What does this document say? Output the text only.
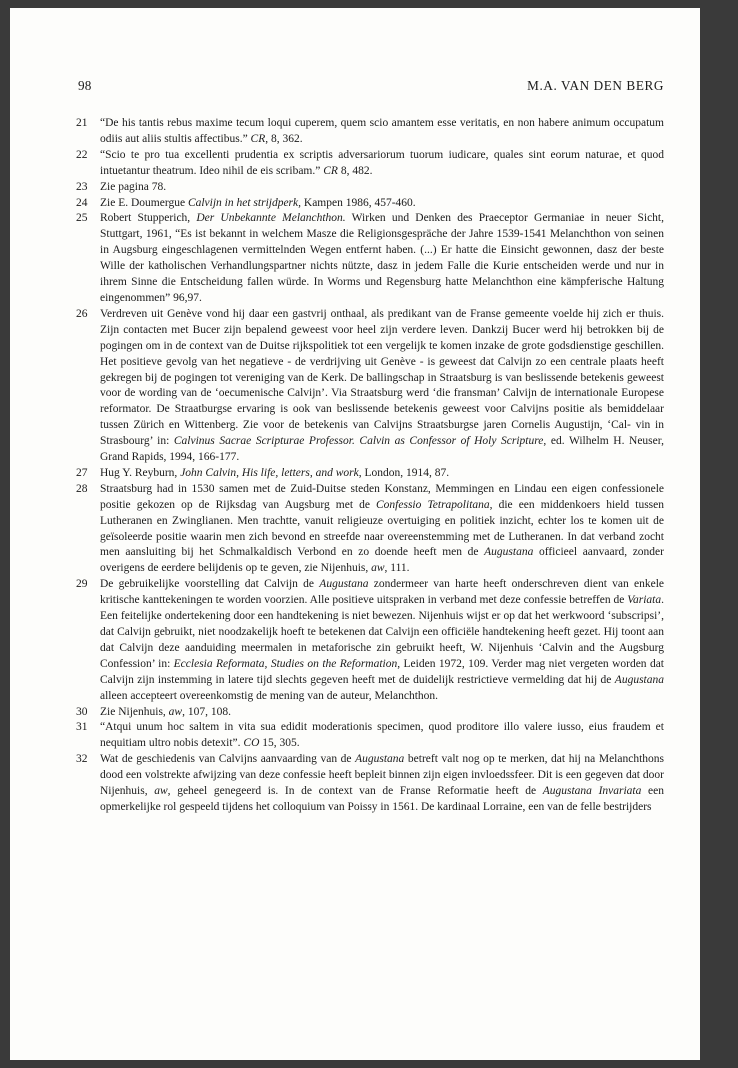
98	M.A. VAN DEN BERG
21	“De his tantis rebus maxime tecum loqui cuperem, quem scio amantem esse veritatis, en non habere animum occupatum odiis aut aliis stultis affectibus.” CR, 8, 362.
22	“Scio te pro tua excellenti prudentia ex scriptis adversariorum tuorum iudicare, quales sint eorum naturae, et quod intuetantur theatrum. Ideo nihil de eis scribam.” CR 8, 482.
23	Zie pagina 78.
24	Zie E. Doumergue Calvijn in het strijdperk, Kampen 1986, 457-460.
25	Robert Stupperich, Der Unbekannte Melanchthon. Wirken und Denken des Praeceptor Germaniae in neuer Sicht, Stuttgart, 1961, “Es ist bekannt in welchem Masze die Religionsgespräche der Jahre 1539-1541 Melanchthon von seinen in Augsburg eingeschlagenen vermittelnden Wegen entfernt haben. (...) Er hatte die Einsicht gewonnen, dasz der beste Wille der katholischen Verhandlungspartner nichts nützte, dasz in jedem Falle die Kurie entscheiden werde und nur in ihrem Sinne die Entscheidung fallen würde. In Worms und Regensburg hatte Melanchthon eine kämpferische Haltung eingenommen” 96,97.
26	Verdreven uit Genève vond hij daar een gastvrij onthaal, als predikant van de Franse gemeente voelde hij zich er thuis. Zijn contacten met Bucer zijn bepalend geweest voor heel zijn verdere leven. Dankzij Bucer werd hij betrokken bij de pogingen om in de context van de Duitse rijkspolitiek tot een vergelijk te komen inzake de grote godsdienstige geschillen. Het positieve gevolg van het negatieve - de verdrijving uit Genève - is geweest dat Calvijn zo een centrale plaats heeft gekregen bij de pogingen tot vereniging van de Kerk. De ballingschap in Straatsburg is van beslissende betekenis geweest voor de wording van de ‘oecumenische Calvijn’. Via Straatsburg werd ‘die fransman’ Calvijn de internationale Europese reformator. De Straatburgse ervaring is ook van beslissende betekenis geweest voor Calvijns positie als bemiddelaar tussen Zürich en Wittenberg. Zie voor de betekenis van Calvijns Straatsburgse jaren Cornelis Augustijn, ‘Cal- vin in Strasbourg’ in: Calvinus Sacrae Scripturae Professor. Calvin as Confessor of Holy Scripture, ed. Wilhelm H. Neuser, Grand Rapids, 1994, 166-177.
27	Hug Y. Reyburn, John Calvin, His life, letters, and work, London, 1914, 87.
28	Straatsburg had in 1530 samen met de Zuid-Duitse steden Konstanz, Memmingen en Lindau een eigen confessionele positie gekozen op de Rijksdag van Augsburg met de Confessio Tetrapolitana, die een middenkoers hield tussen Lutheranen en Zwinglianen. Men trachtte, vanuit religieuze overtuiging en politiek inzicht, echter los te komen uit de geïsoleerde positie waarin men zich bevond en streefde naar overeenstemming met de Lutheranen. In dat verband zocht men aansluiting bij het Schmalkaldisch Verbond en zo doende heeft men de Augustana officieel aanvaard, zonder overigens de eerdere belijdenis op te geven, zie Nijenhuis, aw, 111.
29	De gebruikelijke voorstelling dat Calvijn de Augustana zondermeer van harte heeft onderschreven dient van enkele kritische kanttekeningen te worden voorzien. Alle positieve uitspraken in verband met deze confessie betreffen de Variata. Een feitelijke ondertekening door een handtekening is niet bewezen. Nijenhuis wijst er op dat het werkwoord ‘subscripsi’, dat Calvijn gebruikt, niet noodzakelijk hoeft te betekenen dat Calvijn een officiële handtekening heeft gezet. Hij toont aan dat Calvijn deze aanduiding meermalen in metaforische zin gebruikt heeft, W. Nijenhuis ‘Calvin and the Augsburg Confession’ in: Ecclesia Reformata, Studies on the Reformation, Leiden 1972, 109. Verder mag niet vergeten worden dat Calvijn zijn instemming in latere tijd slechts gegeven heeft met de duidelijk restrictieve vermelding dat hij de Augustana alleen accepteert overeenkomstig de mening van de auteur, Melanchthon.
30	Zie Nijenhuis, aw, 107, 108.
31	“Atqui unum hoc saltem in vita sua edidit moderationis specimen, quod proditore illo valere iusso, eius fraudem et nequitiam ultro nobis detexit”. CO 15, 305.
32	Wat de geschiedenis van Calvijns aanvaarding van de Augustana betreft valt nog op te merken, dat hij na Melanchthons dood een volstrekte afwijzing van deze confessie heeft bepleit binnen zijn eigen invloedssfeer. Dit is een gegeven dat door Nijenhuis, aw, geheel genegeerd is. In de context van de Franse Reformatie heeft de Augustana Invariata een opmerkelijke rol gespeeld tijdens het colloquium van Poissy in 1561. De kardinaal Lorraine, een van de felle bestrijders
